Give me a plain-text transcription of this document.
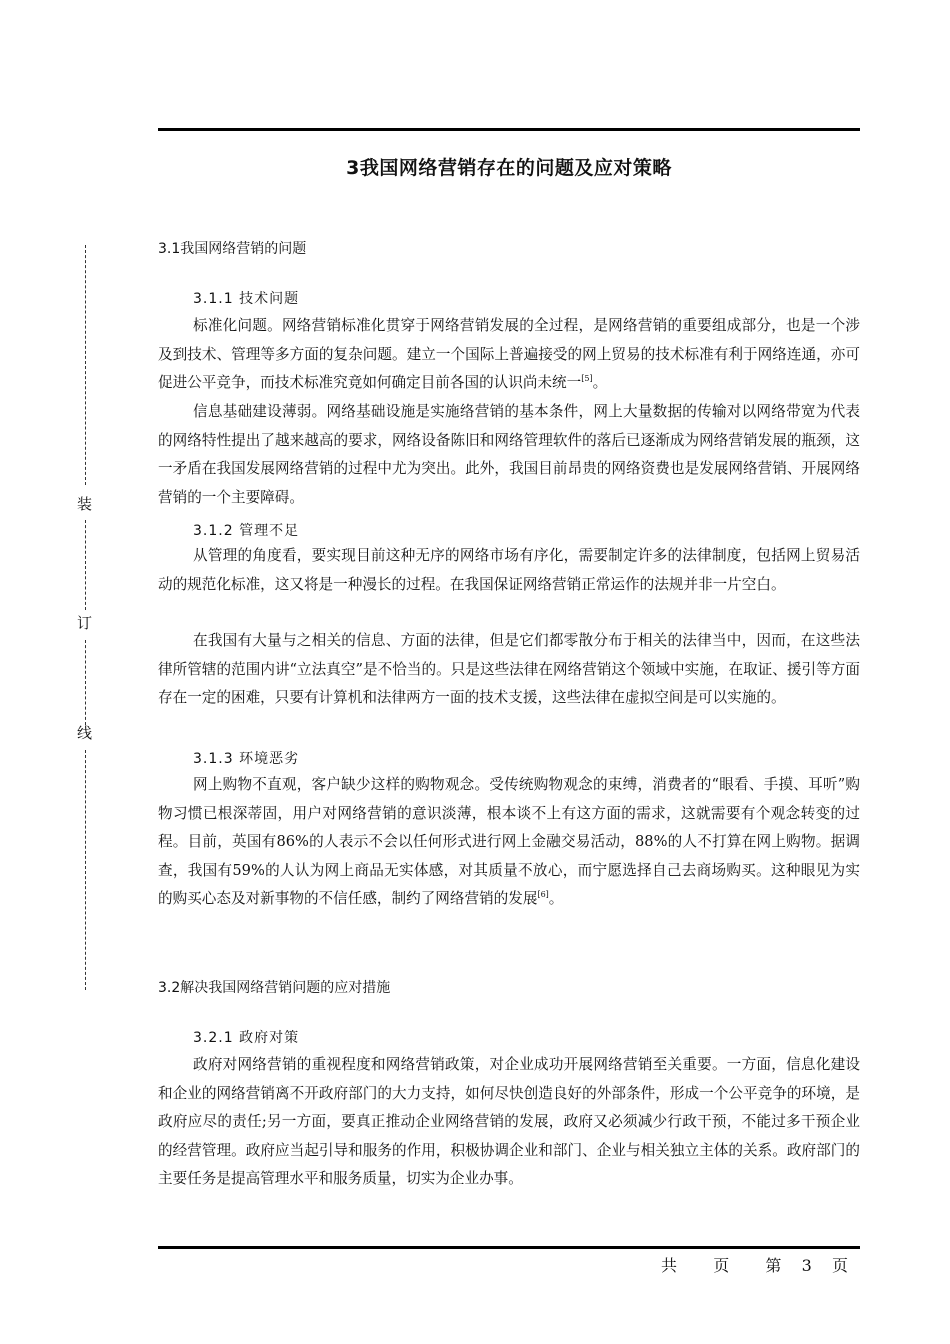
装
订
线
3我国网络营销存在的问题及应对策略
3.1我国网络营销的问题
3.1.1 技术问题

标准化问题。网络营销标准化贯穿于网络营销发展的全过程，是网络营销的重要组成部分，也是一个涉及到技术、管理等多方面的复杂问题。建立一个国际上普遍接受的网上贸易的技术标准有利于网络连通，亦可促进公平竞争，而技术标准究竟如何确定目前各国的认识尚未统一[5]。

信息基础建设薄弱。网络基础设施是实施络营销的基本条件，网上大量数据的传输对以网络带宽为代表的网络特性提出了越来越高的要求，网络设备陈旧和网络管理软件的落后已逐渐成为网络营销发展的瓶颈，这一矛盾在我国发展网络营销的过程中尤为突出。此外，我国目前昂贵的网络资费也是发展网络营销、开展网络营销的一个主要障碍。

3.1.2 管理不足

从管理的角度看，要实现目前这种无序的网络市场有序化，需要制定许多的法律制度，包括网上贸易活动的规范化标准，这又将是一种漫长的过程。在我国保证网络营销正常运作的法规并非一片空白。

在我国有大量与之相关的信息、方面的法律，但是它们都零散分布于相关的法律当中，因而，在这些法律所管辖的范围内讲“立法真空”是不恰当的。只是这些法律在网络营销这个领域中实施，在取证、援引等方面存在一定的困难，只要有计算机和法律两方一面的技术支援，这些法律在虚拟空间是可以实施的。

3.1.3 环境恶劣

网上购物不直观，客户缺少这样的购物观念。受传统购物观念的束缚，消费者的“眼看、手摸、耳听”购物习惯已根深蒂固，用户对网络营销的意识淡薄，根本谈不上有这方面的需求，这就需要有个观念转变的过程。目前，英国有86%的人表示不会以任何形式进行网上金融交易活动，88%的人不打算在网上购物。据调查，我国有59%的人认为网上商品无实体感，对其质量不放心，而宁愿选择自己去商场购买。这种眼见为实的购买心态及对新事物的不信任感，制约了网络营销的发展[6]。

3.2解决我国网络营销问题的应对措施
3.2.1 政府对策

政府对网络营销的重视程度和网络营销政策，对企业成功开展网络营销至关重要。一方面，信息化建设和企业的网络营销离不开政府部门的大力支持，如何尽快创造良好的外部条件，形成一个公平竞争的环境，是政府应尽的责任;另一方面，要真正推动企业网络营销的发展，政府又必须减少行政干预，不能过多干预企业的经营管理。政府应当起引导和服务的作用，积极协调企业和部门、企业与相关独立主体的关系。政府部门的主要任务是提高管理水平和服务质量，切实为企业办事。

共 页 第 3 页
